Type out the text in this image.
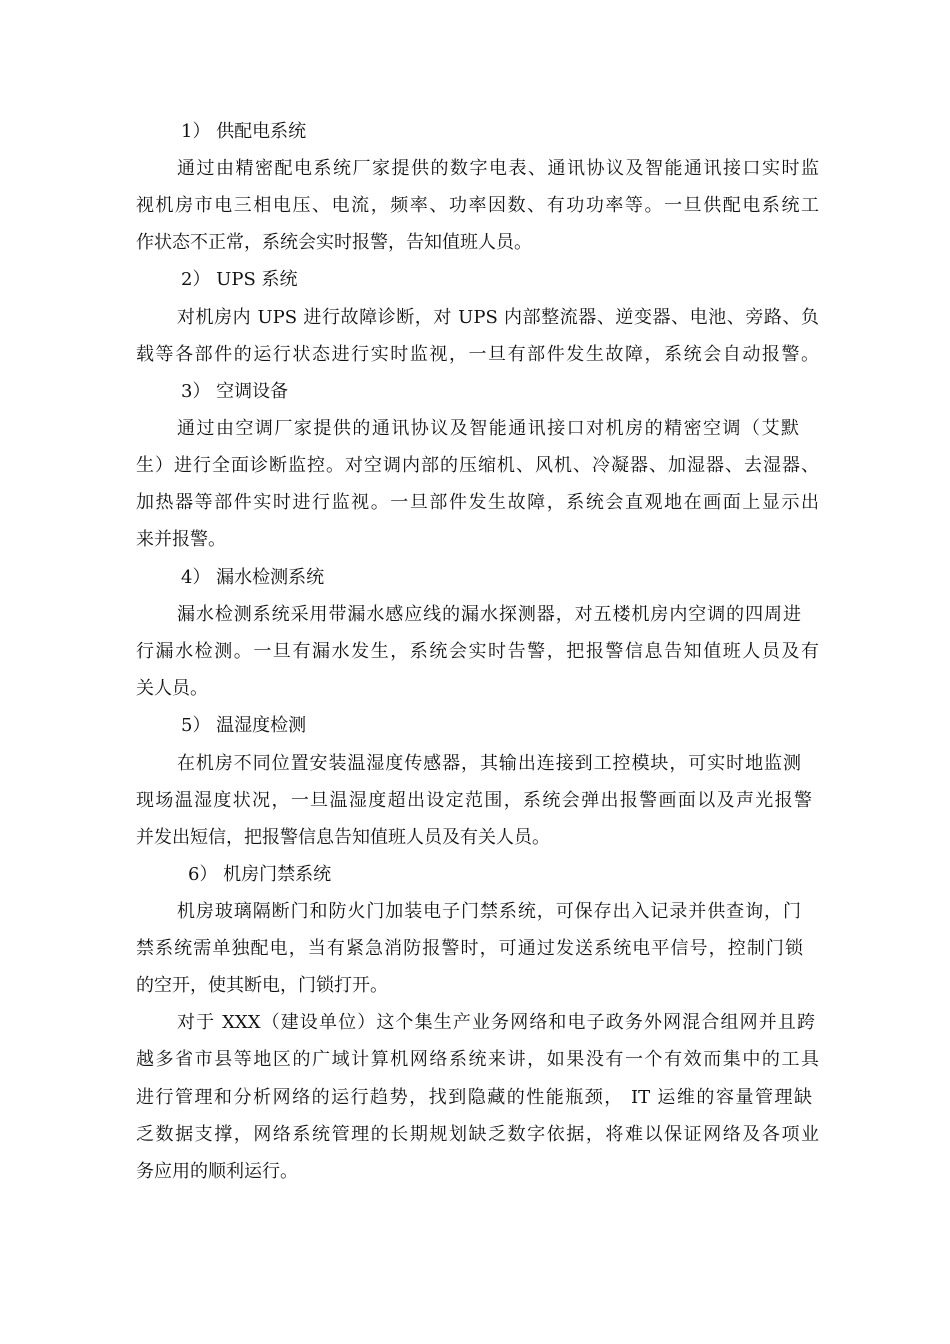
1） 供配电系统

通过由精密配电系统厂家提供的数字电表、通讯协议及智能通讯接口实时监

视机房市电三相电压、电流，频率、功率因数、有功功率等。一旦供配电系统工

作状态不正常，系统会实时报警，告知值班人员。

2） UPS 系统

对机房内 UPS 进行故障诊断，对 UPS 内部整流器、逆变器、电池、旁路、负

载等各部件的运行状态进行实时监视，一旦有部件发生故障，系统会自动报警。

3） 空调设备

通过由空调厂家提供的通讯协议及智能通讯接口对机房的精密空调（艾默

生）进行全面诊断监控。对空调内部的压缩机、风机、冷凝器、加湿器、去湿器、

加热器等部件实时进行监视。一旦部件发生故障，系统会直观地在画面上显示出

来并报警。

4） 漏水检测系统

漏水检测系统采用带漏水感应线的漏水探测器，对五楼机房内空调的四周进

行漏水检测。一旦有漏水发生，系统会实时告警，把报警信息告知值班人员及有

关人员。

5） 温湿度检测

在机房不同位置安装温湿度传感器，其输出连接到工控模块，可实时地监测

现场温湿度状况，一旦温湿度超出设定范围，系统会弹出报警画面以及声光报警

并发出短信，把报警信息告知值班人员及有关人员。

6） 机房门禁系统

机房玻璃隔断门和防火门加装电子门禁系统，可保存出入记录并供查询，门

禁系统需单独配电，当有紧急消防报警时，可通过发送系统电平信号，控制门锁

的空开，使其断电，门锁打开。

对于 XXX（建设单位）这个集生产业务网络和电子政务外网混合组网并且跨

越多省市县等地区的广域计算机网络系统来讲，如果没有一个有效而集中的工具

进行管理和分析网络的运行趋势，找到隐藏的性能瓶颈， IT 运维的容量管理缺

乏数据支撑，网络系统管理的长期规划缺乏数字依据，将难以保证网络及各项业

务应用的顺利运行。
